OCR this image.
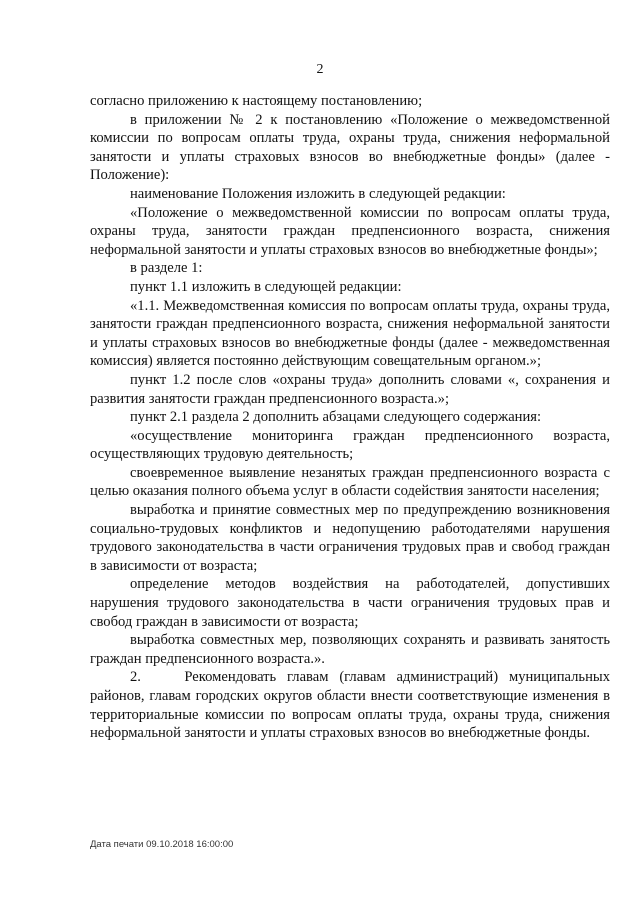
2

согласно приложению к настоящему постановлению;

в приложении № 2 к постановлению «Положение о межведомственной комиссии по вопросам оплаты труда, охраны труда, снижения неформальной занятости и уплаты страховых взносов во внебюджетные фонды» (далее - Положение):

наименование Положения изложить в следующей редакции:

«Положение о межведомственной комиссии по вопросам оплаты труда, охраны труда, занятости граждан предпенсионного возраста, снижения неформальной занятости и уплаты страховых взносов во внебюджетные фонды»;

в разделе 1:

пункт 1.1 изложить в следующей редакции:

«1.1. Межведомственная комиссия по вопросам оплаты труда, охраны труда, занятости граждан предпенсионного возраста, снижения неформальной занятости и уплаты страховых взносов во внебюджетные фонды (далее - межведомственная комиссия) является постоянно действующим совещательным органом.»;

пункт 1.2 после слов «охраны труда» дополнить словами «, сохранения и развития занятости граждан предпенсионного возраста.»;

пункт 2.1 раздела 2 дополнить абзацами следующего содержания:

«осуществление мониторинга граждан предпенсионного возраста, осуществляющих трудовую деятельность;

своевременное выявление незанятых граждан предпенсионного возраста с целью оказания полного объема услуг в области содействия занятости населения;

выработка и принятие совместных мер по предупреждению возникновения социально-трудовых конфликтов и недопущению работодателями нарушения трудового законодательства в части ограничения трудовых прав и свобод граждан в зависимости от возраста;

определение методов воздействия на работодателей, допустивших нарушения трудового законодательства в части ограничения трудовых прав и свобод граждан в зависимости от возраста;

выработка совместных мер, позволяющих сохранять и развивать занятость граждан предпенсионного возраста.».

2.    Рекомендовать главам (главам администраций) муниципальных районов, главам городских округов области внести соответствующие изменения в территориальные комиссии по вопросам оплаты труда, охраны труда, снижения неформальной занятости и уплаты страховых взносов во внебюджетные фонды.

Дата печати 09.10.2018 16:00:00
